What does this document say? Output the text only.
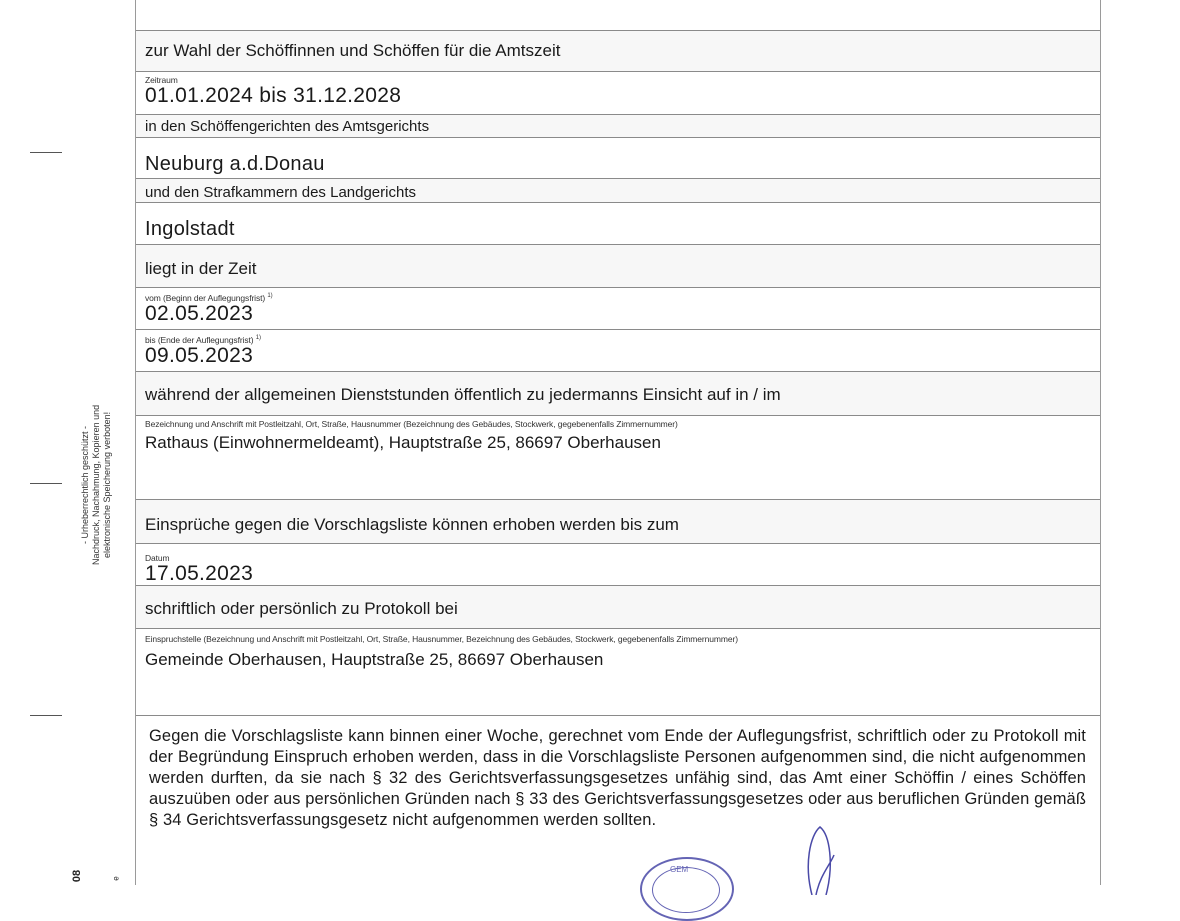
- Urheberrechtlich geschützt - Nachdruck, Nachahmung, Kopieren und elektronische Speicherung verboten!
08	e
zur Wahl der Schöffinnen und Schöffen für die Amtszeit
Zeitraum
01.01.2024 bis 31.12.2028
in den Schöffengerichten des Amtsgerichts
Neuburg a.d.Donau
und den Strafkammern des Landgerichts
Ingolstadt
liegt in der Zeit
vom (Beginn der Auflegungsfrist) $^{1)}$
02.05.2023
bis (Ende der Auflegungsfrist) $^{1)}$
09.05.2023
während der allgemeinen Dienststunden öffentlich zu jedermanns Einsicht auf in / im
Bezeichnung und Anschrift mit Postleitzahl, Ort, Straße, Hausnummer (Bezeichnung des Gebäudes, Stockwerk, gegebenenfalls Zimmernummer)
Rathaus (Einwohnermeldeamt), Hauptstraße 25, 86697 Oberhausen
Einsprüche gegen die Vorschlagsliste können erhoben werden bis zum
Datum
17.05.2023
schriftlich oder persönlich zu Protokoll bei
Einspruchstelle (Bezeichnung und Anschrift mit Postleitzahl, Ort, Straße, Hausnummer, Bezeichnung des Gebäudes, Stockwerk, gegebenenfalls Zimmernummer)
Gemeinde Oberhausen, Hauptstraße 25, 86697 Oberhausen
Gegen die Vorschlagsliste kann binnen einer Woche, gerechnet vom Ende der Auflegungsfrist, schriftlich oder zu Protokoll mit der Begründung Einspruch erhoben werden, dass in die Vorschlagsliste Personen aufgenommen sind, die nicht aufgenommen werden durften, da sie nach § 32 des Gerichtsverfassungsgesetzes unfähig sind, das Amt einer Schöffin / eines Schöffen auszuüben oder aus persönlichen Gründen nach § 33 des Gerichtsverfassungsgesetzes oder aus beruflichen Gründen gemäß § 34 Gerichtsverfassungsgesetz nicht aufgenommen werden sollten.
GEM
